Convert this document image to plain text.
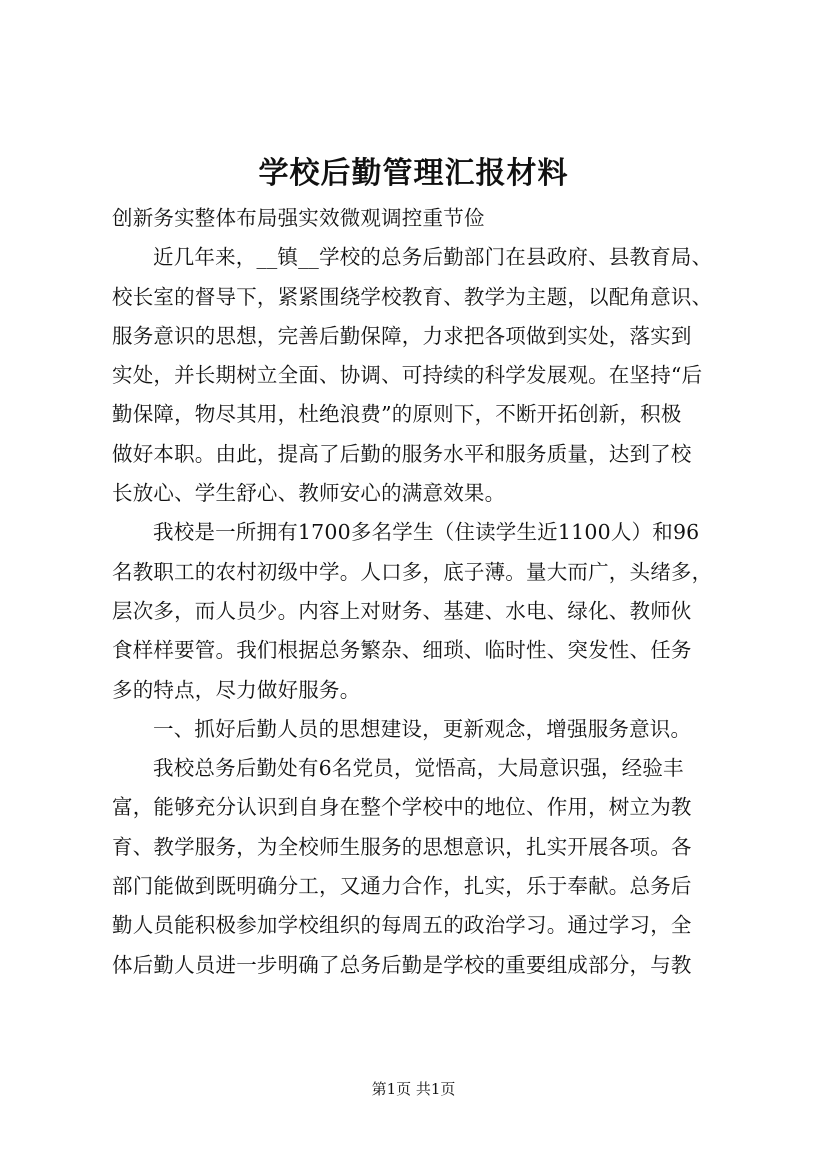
学校后勤管理汇报材料
创新务实整体布局强实效微观调控重节俭
近几年来，__镇__学校的总务后勤部门在县政府、县教育局、
校长室的督导下，紧紧围绕学校教育、教学为主题，以配角意识、
服务意识的思想，完善后勤保障，力求把各项做到实处，落实到
实处，并长期树立全面、协调、可持续的科学发展观。在坚持“后
勤保障，物尽其用，杜绝浪费”的原则下，不断开拓创新，积极
做好本职。由此，提高了后勤的服务水平和服务质量，达到了校
长放心、学生舒心、教师安心的满意效果。
我校是一所拥有1700多名学生（住读学生近1100人）和96
名教职工的农村初级中学。人口多，底子薄。量大而广，头绪多，
层次多，而人员少。内容上对财务、基建、水电、绿化、教师伙
食样样要管。我们根据总务繁杂、细琐、临时性、突发性、任务
多的特点，尽力做好服务。
一、抓好后勤人员的思想建设，更新观念，增强服务意识。
我校总务后勤处有6名党员，觉悟高，大局意识强，经验丰
富，能够充分认识到自身在整个学校中的地位、作用，树立为教
育、教学服务，为全校师生服务的思想意识，扎实开展各项。各
部门能做到既明确分工，又通力合作，扎实，乐于奉献。总务后
勤人员能积极参加学校组织的每周五的政治学习。通过学习，全
体后勤人员进一步明确了总务后勤是学校的重要组成部分，与教
第1页 共1页
